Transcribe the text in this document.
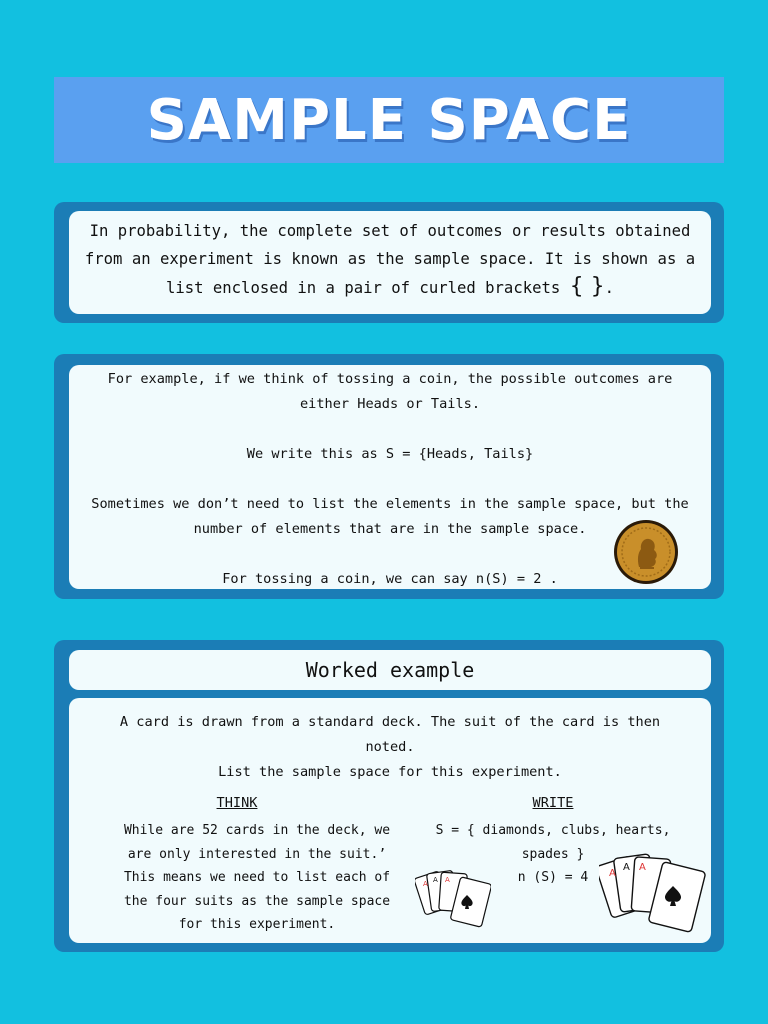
SAMPLE SPACE

In probability, the complete set of outcomes or results obtained from an experiment is known as the sample space. It is shown as a list enclosed in a pair of curled brackets { }.

For example, if we think of tossing a coin, the possible outcomes are either Heads or Tails.

We write this as S = {Heads, Tails}

Sometimes we don’t need to list the elements in the sample space, but the number of elements that are in the sample space.

For tossing a coin, we can say n(S) = 2 .

Worked example

A card is drawn from a standard deck. The suit of the card is then noted.

List the sample space for this experiment.

THINK	WRITE
While are 52 cards in the deck, we are only interested in the suit.’ This means we need to list each of the four suits as the sample space for this experiment.

S = { diamonds, clubs, hearts, spades }

n (S) = 4

A A A
A
A A
